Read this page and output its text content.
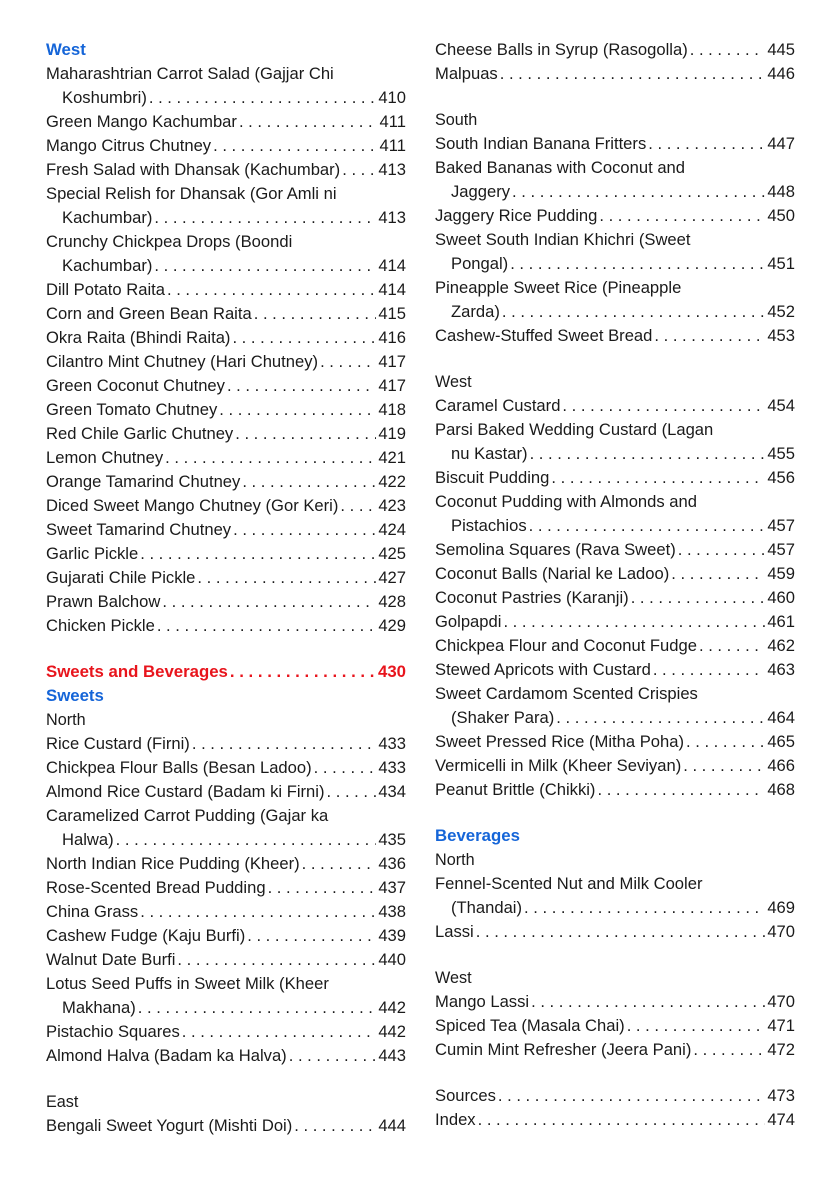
West
Maharashtrian Carrot Salad (Gajjar Chi
Koshumbri) . . .	410
Green Mango Kachumbar . . .	411
Mango Citrus Chutney . . .	411
Fresh Salad with Dhansak (Kachumbar) . . . 413
Special Relish for Dhansak (Gor Amli ni
Kachumbar) . . .	413
Crunchy Chickpea Drops (Boondi
Kachumbar) . . .	414
Dill Potato Raita . . .	414
Corn and Green Bean Raita . . .	415
Okra Raita (Bhindi Raita) . . .	416
Cilantro Mint Chutney (Hari Chutney) . . .	417
Green Coconut Chutney . . .	417
Green Tomato Chutney . . .	418
Red Chile Garlic Chutney . . .	419
Lemon Chutney . . .	421
Orange Tamarind Chutney . . .	422
Diced Sweet Mango Chutney (Gor Keri) . . . 423
Sweet Tamarind Chutney . . .	424
Garlic Pickle . . .	425
Gujarati Chile Pickle . . .	427
Prawn Balchow . . .	428
Chicken Pickle . . .	429
Sweets and Beverages . . .	430
Sweets
North
Rice Custard (Firni) . . .	433
Chickpea Flour Balls (Besan Ladoo) . . .	433
Almond Rice Custard (Badam ki Firni) . . .	434
Caramelized Carrot Pudding (Gajar ka
Halwa) . . .	435
North Indian Rice Pudding (Kheer) . . .	436
Rose-Scented Bread Pudding . . .	437
China Grass . . .	438
Cashew Fudge (Kaju Burfi) . . .	439
Walnut Date Burfi . . .	440
Lotus Seed Puffs in Sweet Milk (Kheer
Makhana) . . .	442
Pistachio Squares . . .	442
Almond Halva (Badam ka Halva) . . .	443
East
Bengali Sweet Yogurt (Mishti Doi) . . .	444
Cheese Balls in Syrup (Rasogolla) . . .	445
Malpuas . . .	446
South
South Indian Banana Fritters . . .	447
Baked Bananas with Coconut and
Jaggery . . .	448
Jaggery Rice Pudding . . .	450
Sweet South Indian Khichri (Sweet
Pongal) . . .	451
Pineapple Sweet Rice (Pineapple
Zarda) . . .	452
Cashew-Stuffed Sweet Bread . . .	453
West
Caramel Custard . . .	454
Parsi Baked Wedding Custard (Lagan
nu Kastar) . . .	455
Biscuit Pudding . . .	456
Coconut Pudding with Almonds and
Pistachios . . .	457
Semolina Squares (Rava Sweet) . . .	457
Coconut Balls (Narial ke Ladoo) . . .	459
Coconut Pastries (Karanji) . . .	460
Golpapdi . . .	461
Chickpea Flour and Coconut Fudge . . .	462
Stewed Apricots with Custard . . .	463
Sweet Cardamom Scented Crispies
(Shaker Para) . . .	464
Sweet Pressed Rice (Mitha Poha) . . .	465
Vermicelli in Milk (Kheer Seviyan) . . .	466
Peanut Brittle (Chikki) . . .	468
Beverages
North
Fennel-Scented Nut and Milk Cooler
(Thandai) . . .	469
Lassi . . .	470
West
Mango Lassi . . .	470
Spiced Tea (Masala Chai) . . .	471
Cumin Mint Refresher (Jeera Pani) . . .	472
Sources . . .	473
Index . . .	474
